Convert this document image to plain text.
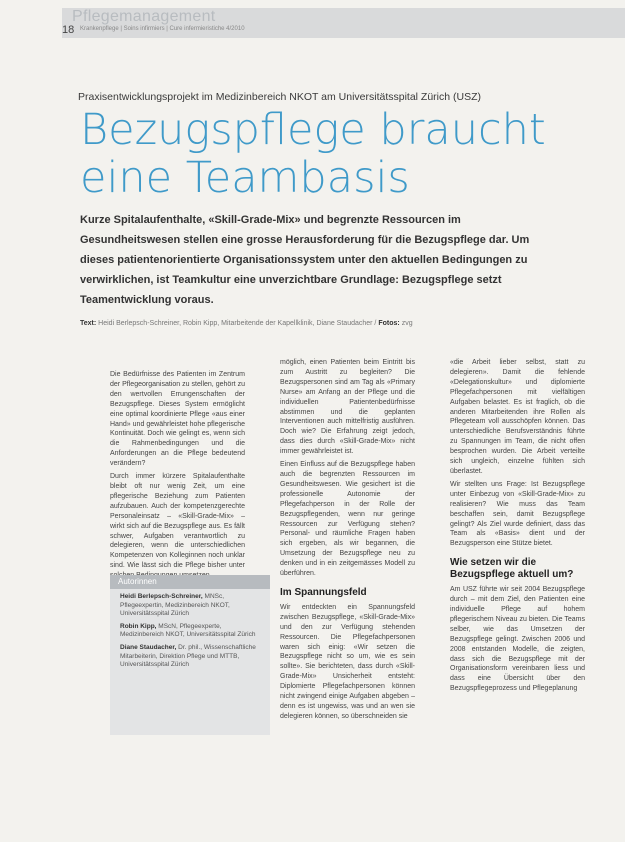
Pflegemanagement
18 Krankenpflege | Soins infirmiers | Cure infermieristiche 4/2010
Praxisentwicklungsprojekt im Medizinbereich NKOT am Universitätsspital Zürich (USZ)
Bezugspflege braucht eine Teambasis
Kurze Spitalaufenthalte, «Skill-Grade-Mix» und begrenzte Ressourcen im Gesundheitswesen stellen eine grosse Herausforderung für die Bezugspflege dar. Um dieses patientenorientierte Organisationssystem unter den aktuellen Bedingungen zu verwirklichen, ist Teamkultur eine unverzichtbare Grundlage: Bezugspflege setzt Teamentwicklung voraus.
Text: Heidi Berlepsch-Schreiner, Robin Kipp, Mitarbeitende der Kapellklinik, Diane Staudacher / Fotos: zvg

Die Bedürfnisse des Patienten im Zentrum der Pflegeorganisation zu stellen, gehört zu den wertvollen Errungenschaften der Bezugspflege. Dieses System ermöglicht eine optimal koordinierte Pflege «aus einer Hand» und gewährleistet hohe pflegerische Kontinuität. Doch wie gelingt es, wenn sich die Rahmenbedingungen und die Anforderungen an die Pflege bedeutend verändern?

Durch immer kürzere Spitalaufenthalte bleibt oft nur wenig Zeit, um eine pflegerische Beziehung zum Patienten aufzubauen. Auch der kompetenzgerechte Personaleinsatz – «Skill-Grade-Mix» – wirkt sich auf die Bezugspflege aus. Es fällt schwer, Aufgaben verantwortlich zu delegieren, wenn die unterschiedlichen Kompetenzen von Kolleginnen noch unklar sind. Wie lässt sich die Pflege bisher unter

möglich, einen Patienten beim Eintritt bis zum Austritt zu begleiten? Die Bezugspersonen sind am Tag als «Primary Nurse» am Anfang an der Pflege und die individuellen Patientenbedürfnisse abstimmen und die geplanten Interventionen auch mittelfristig ausführen. Doch wie? Die Erfahrung zeigt jedoch, dass dies durch «Skill-Grade-Mix» nicht immer gewährleistet ist.

Einen Einfluss auf die Bezugspflege haben auch die begrenzten Ressourcen im Gesundheitswesen. Wie gesichert ist die professionelle Autonomie der Pflegefachperson in der Rolle der Bezugspflegenden, wenn nur geringe Ressourcen zur Verfügung stehen? Personal- und räumliche Fragen haben sich ergeben, als wir begannen, die Umsetzung der Bezugspflege neu zu denken und in ein zeitgemässes Modell zu überführen.

Im Spannungsfeld

Wir entdeckten ein Spannungsfeld zwischen Bezugspflege, «Skill-Grade-Mix» und den zur Verfügung stehenden Ressourcen. Die Pflegefachpersonen waren sich einig: «Wir setzen die Bezugspflege nicht so um, wie es sein sollte». Sie berichteten, dass durch «Skill-Grade-Mix» Unsicherheit entsteht: Diplomierte Pflegefachpersonen können nicht zwingend einige Aufgaben abgeben – denn es ist ungewiss, was und an wen sie delegieren können, so überschneiden sie

«die Arbeit lieber selbst, statt zu delegieren». Damit die fehlende «Delegationskultur» und diplomierte Pflegefachpersonen mit vielfältigen Aufgaben belastet. Es ist fraglich, ob die anderen Mitarbeitenden ihre Rollen als Pflegeteam voll ausschöpfen können. Das unterschiedliche Berufsverständnis führte zu Spannungen im Team, die nicht offen besprochen wurden. Die Arbeit verteilte sich ungleich, einzelne fühlten sich überlastet.

Wir stellten uns Frage: Ist Bezugspflege unter Einbezug von «Skill-Grade-Mix» zu realisieren? Wie muss das Team beschaffen sein, damit Bezugspflege gelingt? Als Ziel wurde definiert, dass das Team als «Basis» dient und der Bezugsperson eine Stütze bietet.

Wie setzen wir die Bezugspflege aktuell um?

Am USZ führte wir seit 2004 Bezugspflege durch – mit dem Ziel, den Patienten eine individuelle Pflege auf hohem pflegerischem Niveau zu bieten. Die Teams selber, wie das Umsetzen der Bezugspflege gelingt. Zwischen 2006 und 2008 entstanden Modelle, die zeigten, dass sich die Bezugspflege mit der Organisationsform vereinbaren liess und dass eine Übersicht über den Bezugspflegeprozess und Pflegeplanung

Autorinnen
Heidi Berlepsch-Schreiner, MNSc, Pflegeexpertin, Medizinbereich NKOT, Universitätsspital Zürich
Robin Kipp, MScN, Pflegeexperte, Medizinbereich NKOT, Universitätsspital Zürich
Diane Staudacher, Dr. phil., Wissenschaftliche Mitarbeiterin, Direktion Pflege und MTTB, Universitätsspital Zürich
